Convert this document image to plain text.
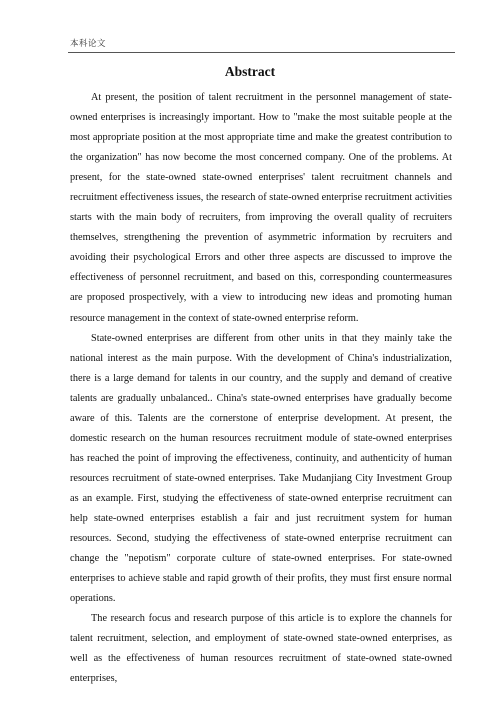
本科论文
Abstract

At present, the position of talent recruitment in the personnel management of state-owned enterprises is increasingly important. How to "make the most suitable people at the most appropriate position at the most appropriate time and make the greatest contribution to the organization" has now become the most concerned company. One of the problems. At present, for the state-owned state-owned enterprises' talent recruitment channels and recruitment effectiveness issues, the research of state-owned enterprise recruitment activities starts with the main body of recruiters, from improving the overall quality of recruiters themselves, strengthening the prevention of asymmetric information by recruiters and avoiding their psychological Errors and other three aspects are discussed to improve the effectiveness of personnel recruitment, and based on this, corresponding countermeasures are proposed prospectively, with a view to introducing new ideas and promoting human resource management in the context of state-owned enterprise reform.

State-owned enterprises are different from other units in that they mainly take the national interest as the main purpose. With the development of China's industrialization, there is a large demand for talents in our country, and the supply and demand of creative talents are gradually unbalanced.. China's state-owned enterprises have gradually become aware of this. Talents are the cornerstone of enterprise development. At present, the domestic research on the human resources recruitment module of state-owned enterprises has reached the point of improving the effectiveness, continuity, and authenticity of human resources recruitment of state-owned enterprises. Take Mudanjiang City Investment Group as an example. First, studying the effectiveness of state-owned enterprise recruitment can help state-owned enterprises establish a fair and just recruitment system for human resources. Second, studying the effectiveness of state-owned enterprise recruitment can change the "nepotism" corporate culture of state-owned enterprises. For state-owned enterprises to achieve stable and rapid growth of their profits, they must first ensure normal operations.

The research focus and research purpose of this article is to explore the channels for talent recruitment, selection, and employment of state-owned state-owned enterprises, as well as the effectiveness of human resources recruitment of state-owned state-owned enterprises,
